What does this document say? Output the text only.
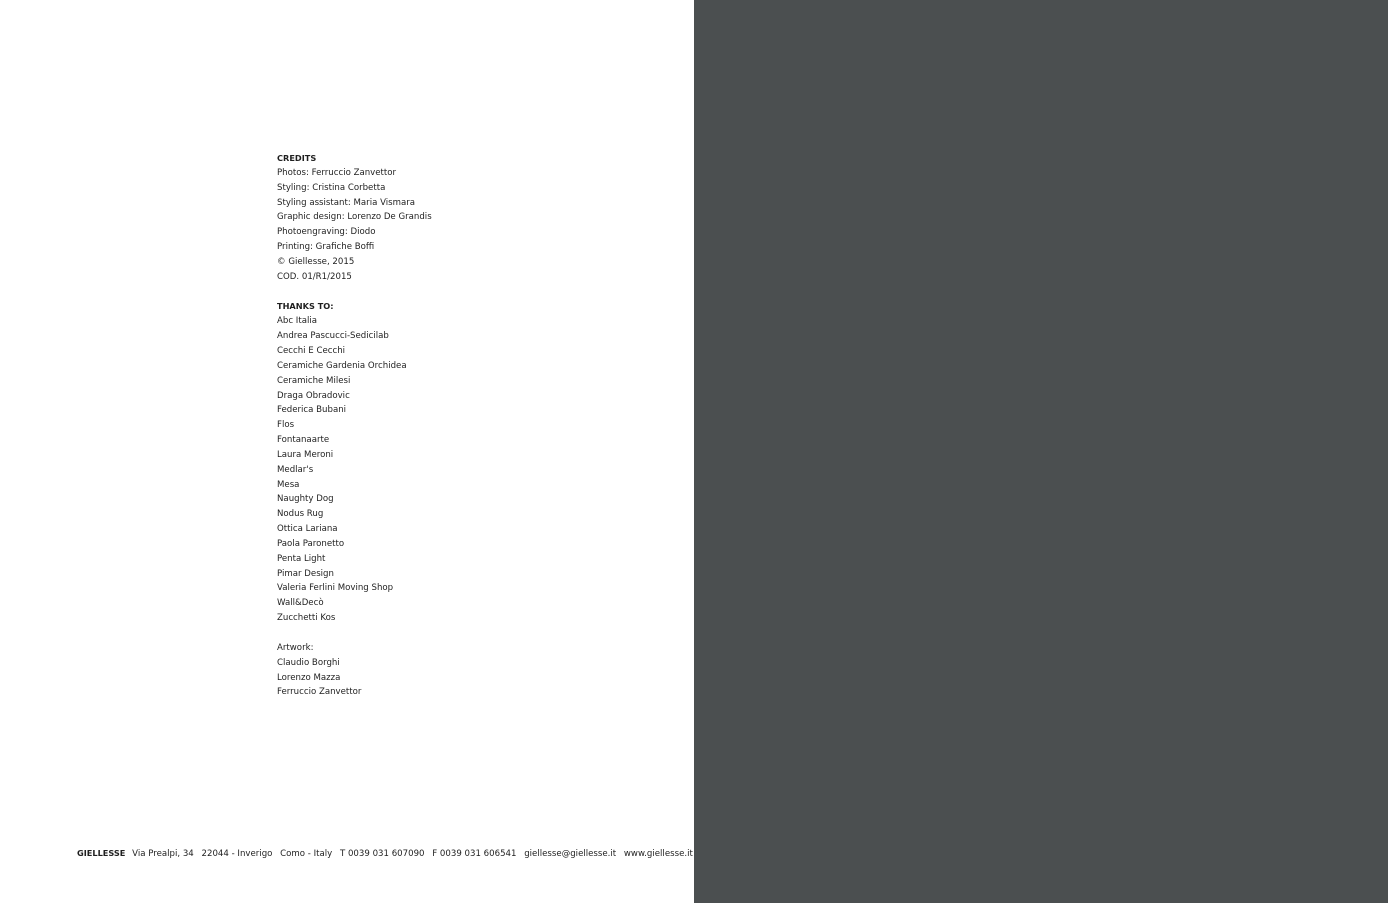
CREDITS
Photos: Ferruccio Zanvettor
Styling: Cristina Corbetta
Styling assistant: Maria Vismara
Graphic design: Lorenzo De Grandis
Photoengraving: Diodo
Printing: Grafiche Boffi
© Giellesse, 2015
COD. 01/R1/2015
THANKS TO:
Abc Italia
Andrea Pascucci-Sedicilab
Cecchi E Cecchi
Ceramiche Gardenia Orchidea
Ceramiche Milesi
Draga Obradovic
Federica Bubani
Flos
Fontanaarte
Laura Meroni
Medlar's
Mesa
Naughty Dog
Nodus Rug
Ottica Lariana
Paola Paronetto
Penta Light
Pimar Design
Valeria Ferlini Moving Shop
Wall&Decò
Zucchetti Kos
Artwork:
Claudio Borghi
Lorenzo Mazza
Ferruccio Zanvettor
GIELLESSE Via Prealpi, 34 22044 - Inverigo Como - Italy T 0039 031 607090 F 0039 031 606541 giellesse@giellesse.it www.giellesse.it
